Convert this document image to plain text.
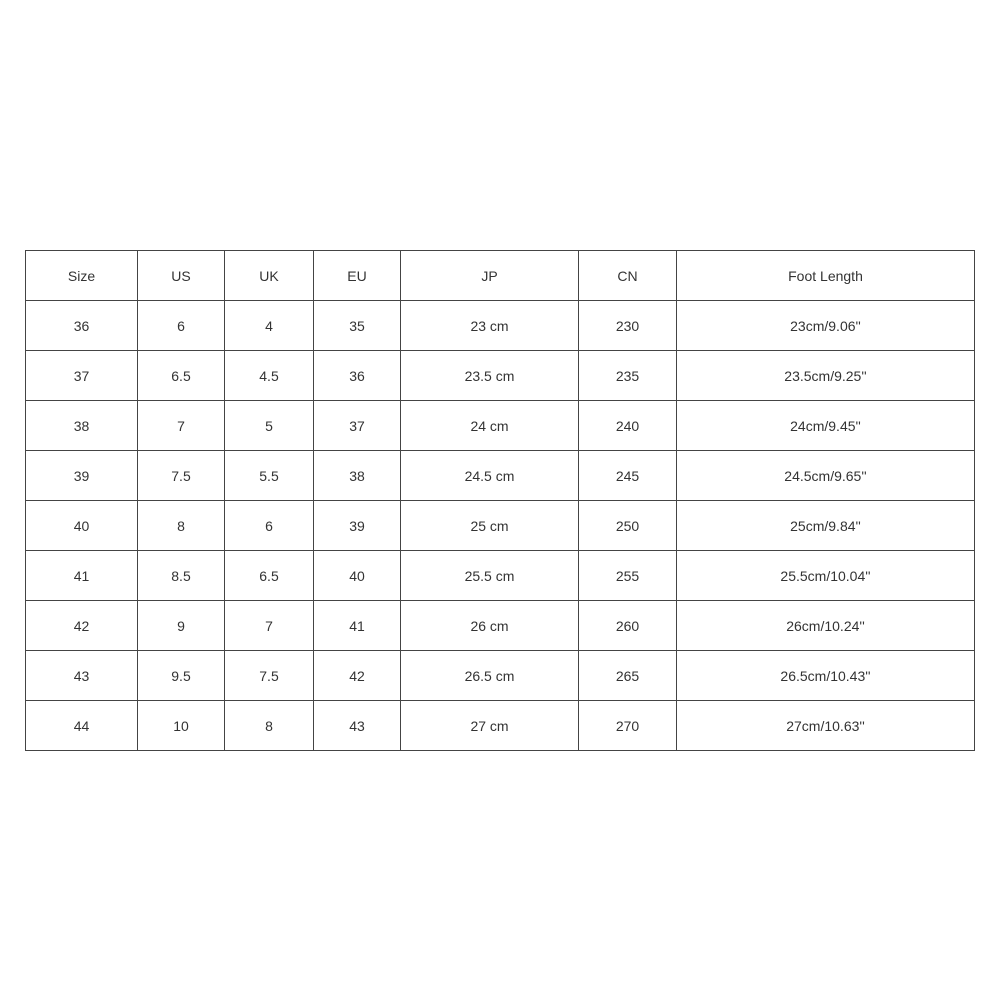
Size	US	UK	EU	JP	CN	Foot Length
36	6	4	35	23 cm	230	23cm/9.06''
37	6.5	4.5	36	23.5 cm	235	23.5cm/9.25''
38	7	5	37	24 cm	240	24cm/9.45''
39	7.5	5.5	38	24.5 cm	245	24.5cm/9.65''
40	8	6	39	25 cm	250	25cm/9.84''
41	8.5	6.5	40	25.5 cm	255	25.5cm/10.04''
42	9	7	41	26 cm	260	26cm/10.24''
43	9.5	7.5	42	26.5 cm	265	26.5cm/10.43''
44	10	8	43	27 cm	270	27cm/10.63''
